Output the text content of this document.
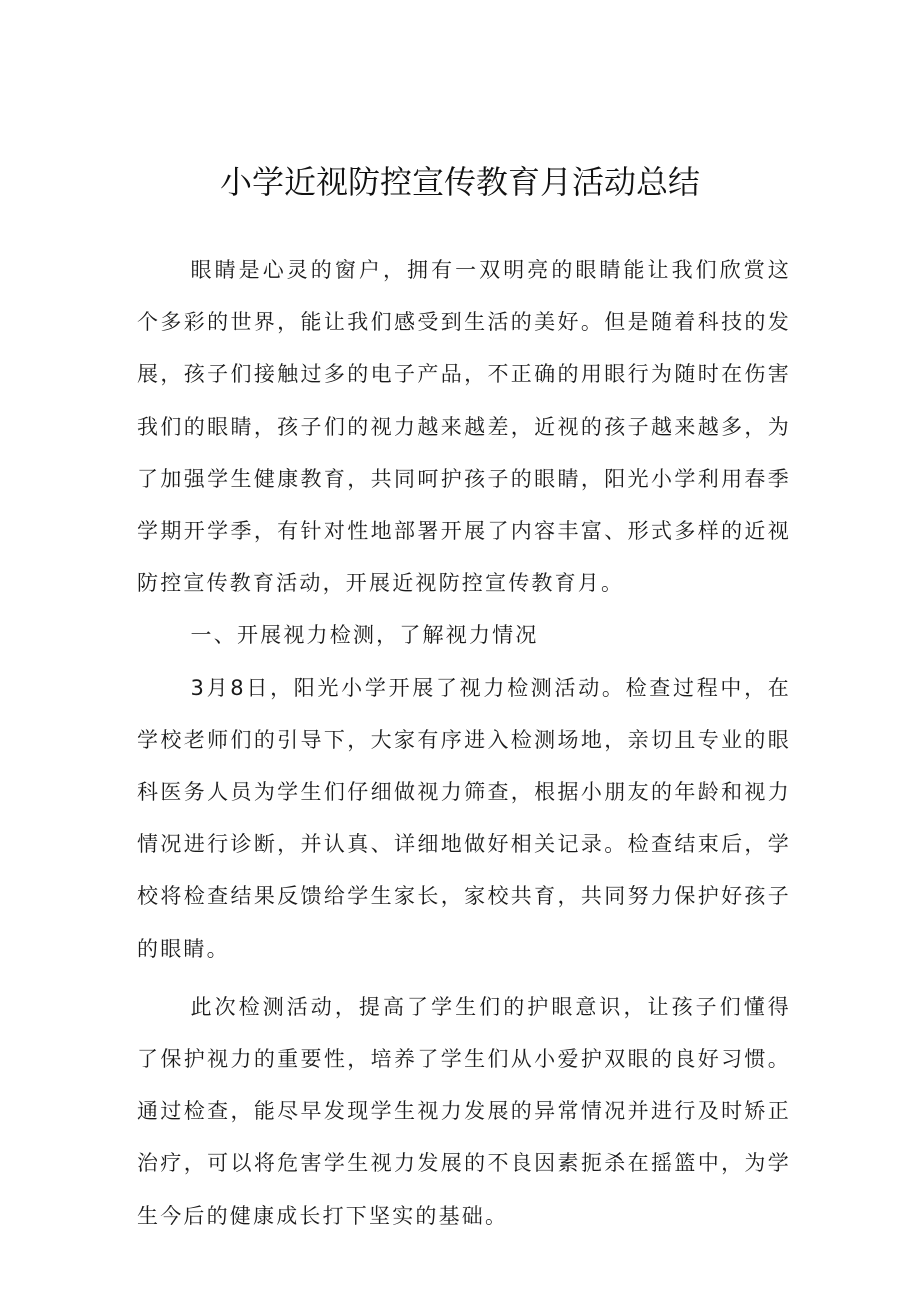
小学近视防控宣传教育月活动总结

眼睛是心灵的窗户，拥有一双明亮的眼睛能让我们欣赏这个多彩的世界，能让我们感受到生活的美好。但是随着科技的发展，孩子们接触过多的电子产品，不正确的用眼行为随时在伤害我们的眼睛，孩子们的视力越来越差，近视的孩子越来越多，为了加强学生健康教育，共同呵护孩子的眼睛，阳光小学利用春季学期开学季，有针对性地部署开展了内容丰富、形式多样的近视防控宣传教育活动，开展近视防控宣传教育月。

一、开展视力检测，了解视力情况

3月8日，阳光小学开展了视力检测活动。检查过程中，在学校老师们的引导下，大家有序进入检测场地，亲切且专业的眼科医务人员为学生们仔细做视力筛查，根据小朋友的年龄和视力情况进行诊断，并认真、详细地做好相关记录。检查结束后，学校将检查结果反馈给学生家长，家校共育，共同努力保护好孩子的眼睛。

此次检测活动，提高了学生们的护眼意识，让孩子们懂得了保护视力的重要性，培养了学生们从小爱护双眼的良好习惯。通过检查，能尽早发现学生视力发展的异常情况并进行及时矫正治疗，可以将危害学生视力发展的不良因素扼杀在摇篮中，为学生今后的健康成长打下坚实的基础。
